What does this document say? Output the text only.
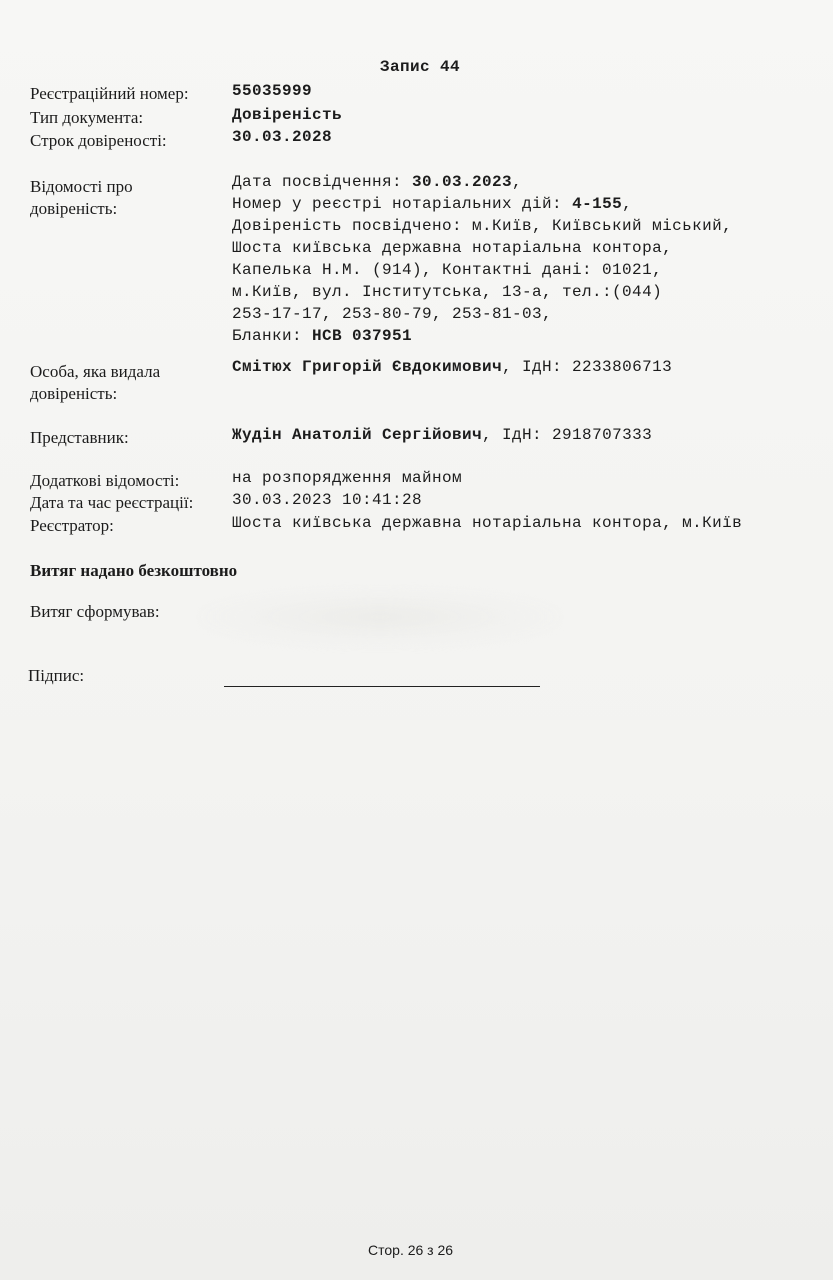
Запис 44
Реєстраційний номер:	55035999
Тип документа:	Довіреність
Строк довіреності:	30.03.2028
Відомості про
довіреність:
Дата посвідчення: 30.03.2023,
Номер у реєстрі нотаріальних дій: 4-155,
Довіреність посвідчено: м.Київ, Київський міський,
Шоста київська державна нотаріальна контора,
Капелька Н.М. (914), Контактні дані: 01021,
м.Київ, вул. Інститутська, 13-а, тел.:(044)
253-17-17, 253-80-79, 253-81-03,
Бланки: НСВ 037951
Особа, яка видала
довіреність:
Смітюх Григорій Євдокимович, ІдН: 2233806713
Представник:	Жудін Анатолій Сергійович, ІдН: 2918707333
Додаткові відомості:	на розпорядження майном
Дата та час реєстрації: 30.03.2023 10:41:28
Реєстратор:	Шоста київська державна нотаріальна контора, м.Київ
Витяг надано безкоштовно
Витяг сформував:
Підпис:
Стор. 26 з 26
